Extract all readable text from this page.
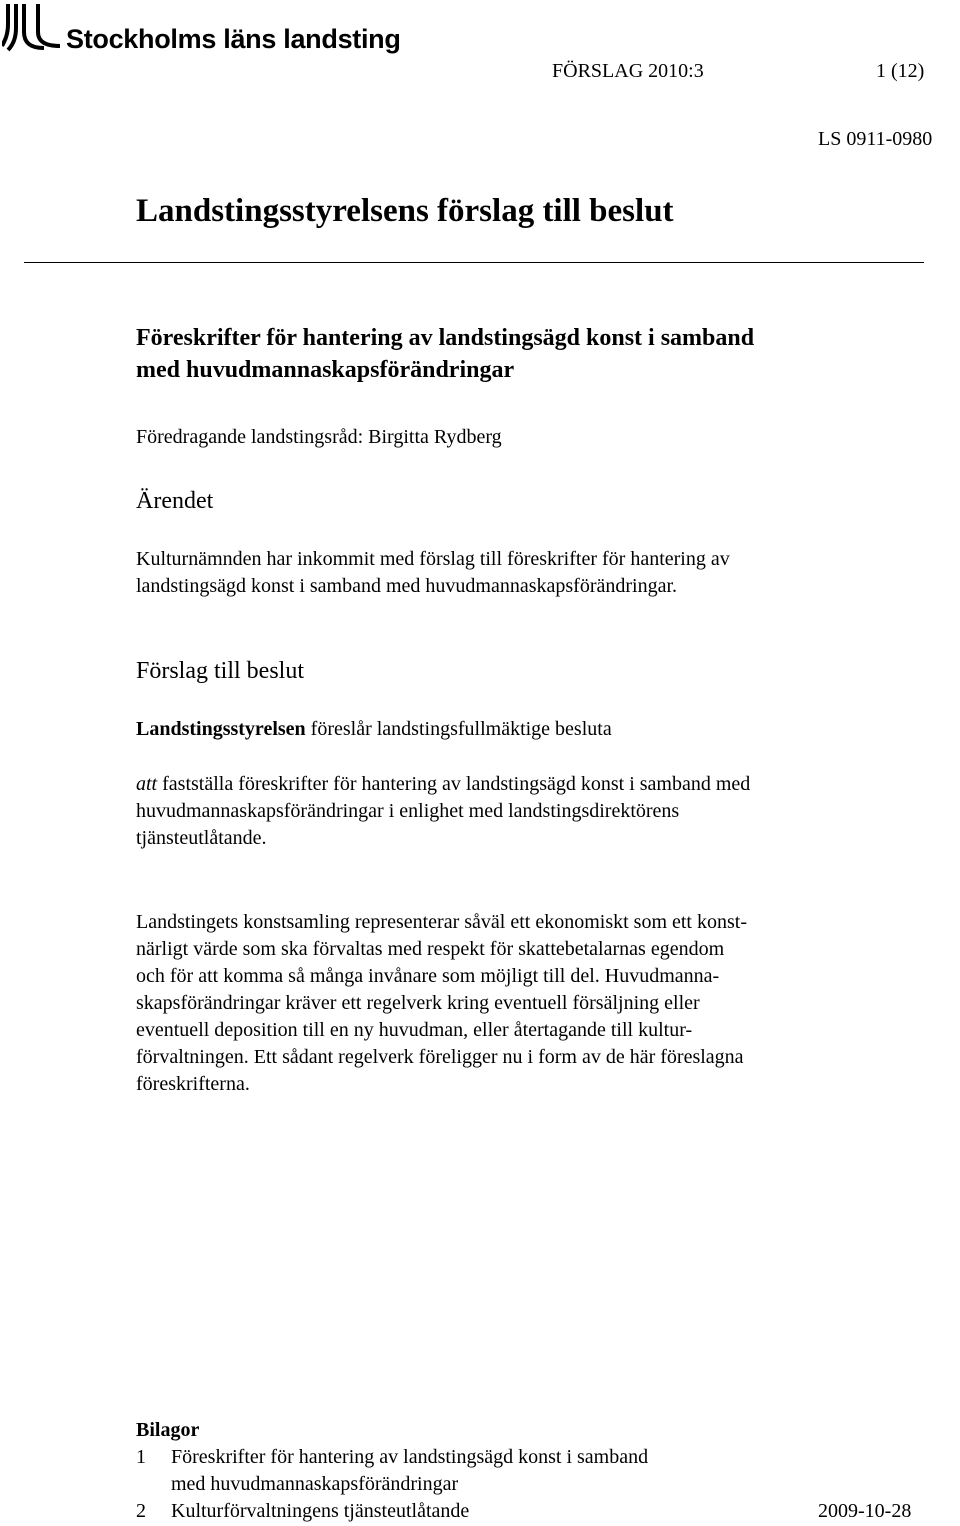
Stockholms läns landsting
FÖRSLAG 2010:3	1 (12)
LS 0911-0980
Landstingsstyrelsens förslag till beslut
Föreskrifter för hantering av landstingsägd konst i samband
med huvudmannaskapsförändringar
Föredragande landstingsråd: Birgitta Rydberg
Ärendet
Kulturnämnden har inkommit med förslag till föreskrifter för hantering av
landstingsägd konst i samband med huvudmannaskapsförändringar.
Förslag till beslut
Landstingsstyrelsen föreslår landstingsfullmäktige besluta
att fastställa föreskrifter för hantering av landstingsägd konst i samband med
huvudmannaskapsförändringar i enlighet med landstingsdirektörens
tjänsteutlåtande.
Landstingets konstsamling representerar såväl ett ekonomiskt som ett konst-
närligt värde som ska förvaltas med respekt för skattebetalarnas egendom
och för att komma så många invånare som möjligt till del. Huvudmanna-
skapsförändringar kräver ett regelverk kring eventuell försäljning eller
eventuell deposition till en ny huvudman, eller återtagande till kultur-
förvaltningen. Ett sådant regelverk föreligger nu i form av de här föreslagna
föreskrifterna.
Bilagor
1 Föreskrifter för hantering av landstingsägd konst i samband
med huvudmannaskapsförändringar
2 Kulturförvaltningens tjänsteutlåtande	2009-10-28
